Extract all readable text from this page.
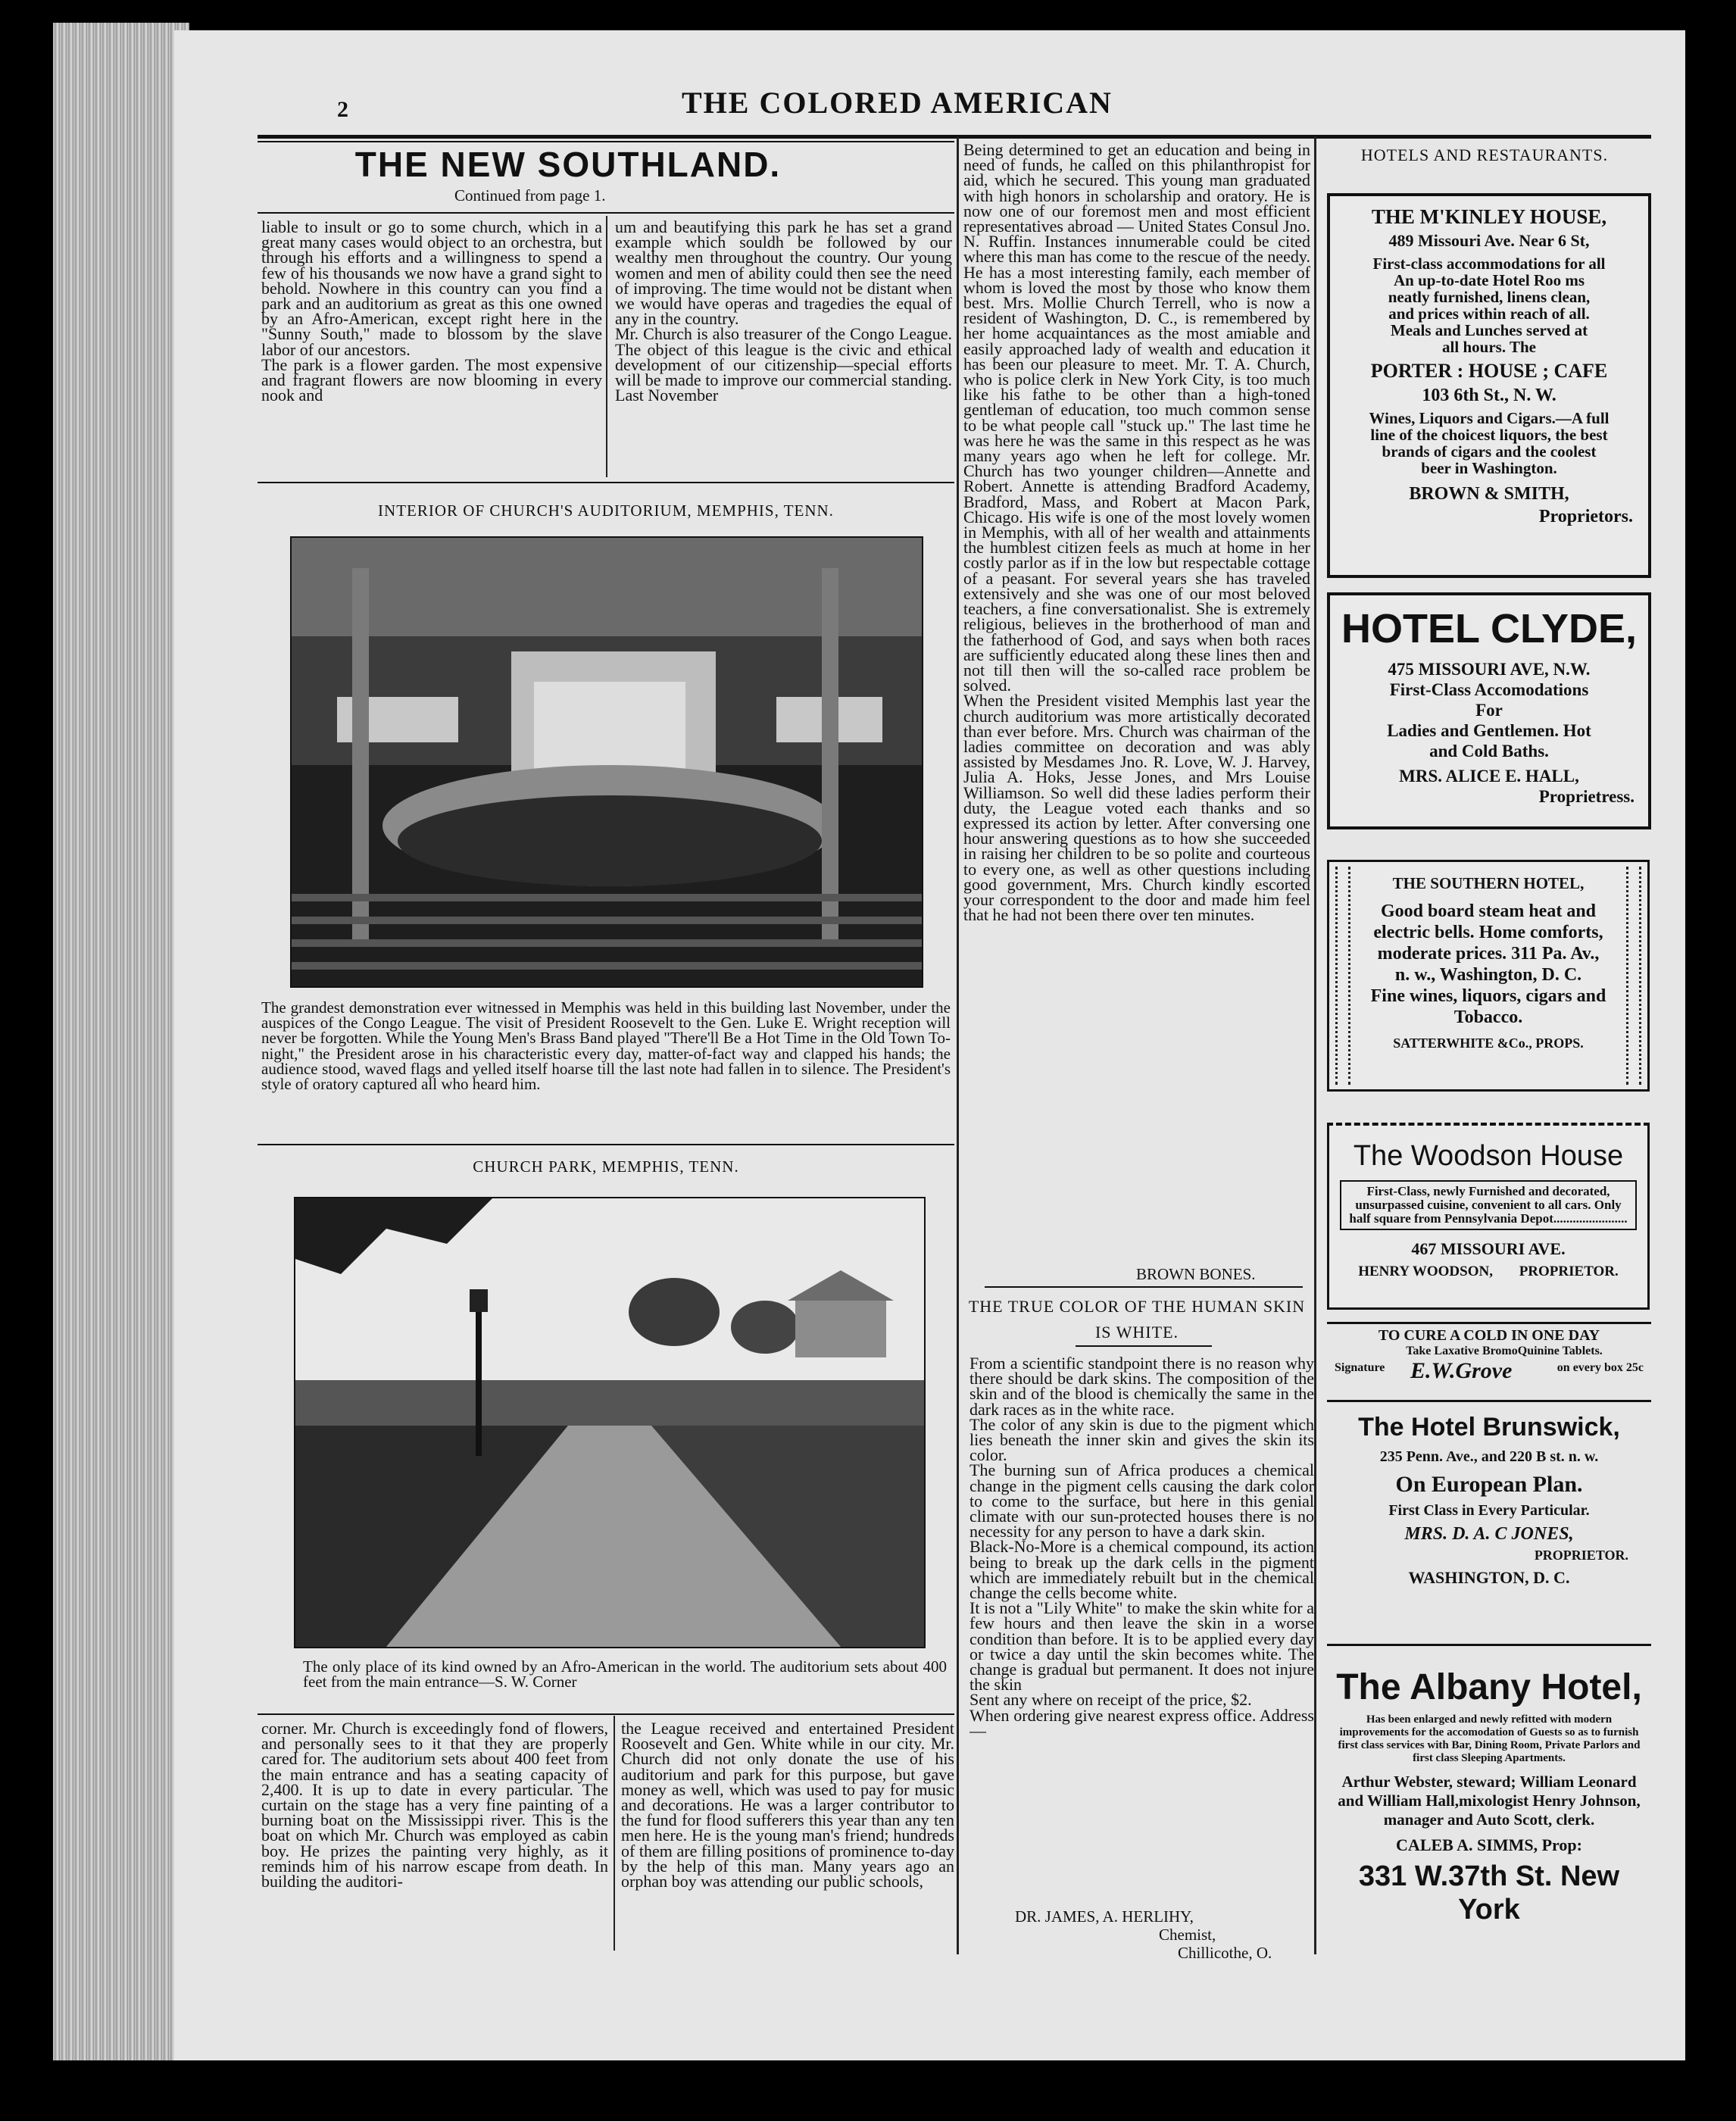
2	THE COLORED AMERICAN
THE NEW SOUTHLAND.
Continued from page 1.
liable to insult or go to some church, which in a great many cases would object to an orchestra, but through his efforts and a willingness to spend a few of his thousands we now have a grand sight to behold. Nowhere in this country can you find a park and an auditorium as great as this one owned by an Afro-American, except right here in the "Sunny South," made to blossom by the slave labor of our ancestors.
The park is a flower garden. The most expensive and fragrant flowers are now blooming in every nook and
um and beautifying this park he has set a grand example which souldh be followed by our wealthy men throughout the country. Our young women and men of ability could then see the need of improving. The time would not be distant when we would have operas and tragedies the equal of any in the country.
Mr. Church is also treasurer of the Congo League. The object of this league is the civic and ethical development of our citizenship—special efforts will be made to improve our commercial standing. Last November
INTERIOR OF CHURCH'S AUDITORIUM, MEMPHIS, TENN.
The grandest demonstration ever witnessed in Memphis was held in this building last November, under the auspices of the Congo League. The visit of President Roosevelt to the Gen. Luke E. Wright reception will never be forgotten. While the Young Men's Brass Band played "There'll Be a Hot Time in the Old Town To-night," the President arose in his characteristic every day, matter-of-fact way and clapped his hands; the audience stood, waved flags and yelled itself hoarse till the last note had fallen in to silence. The President's style of oratory captured all who heard him.
CHURCH PARK, MEMPHIS, TENN.
The only place of its kind owned by an Afro-American in the world. The auditorium sets about 400 feet from the main entrance—S. W. Corner
corner. Mr. Church is exceedingly fond of flowers, and personally sees to it that they are properly cared for. The auditorium sets about 400 feet from the main entrance and has a seating capacity of 2,400. It is up to date in every particular. The curtain on the stage has a very fine painting of a burning boat on the Mississippi river. This is the boat on which Mr. Church was employed as cabin boy. He prizes the painting very highly, as it reminds him of his narrow escape from death. In building the auditori-
the League received and entertained President Roosevelt and Gen. White while in our city. Mr. Church did not only donate the use of his auditorium and park for this purpose, but gave money as well, which was used to pay for music and decorations. He was a larger contributor to the fund for flood sufferers this year than any ten men here. He is the young man's friend; hundreds of them are filling positions of prominence to-day by the help of this man. Many years ago an orphan boy was attending our public schools,
Being determined to get an education and being in need of funds, he called on this philanthropist for aid, which he secured. This young man graduated with high honors in scholarship and oratory. He is now one of our foremost men and most efficient representatives abroad — United States Consul Jno. N. Ruffin. Instances innumerable could be cited where this man has come to the rescue of the needy. He has a most interesting family, each member of whom is loved the most by those who know them best. Mrs. Mollie Church Terrell, who is now a resident of Washington, D. C., is remembered by her home acquaintances as the most amiable and easily approached lady of wealth and education it has been our pleasure to meet. Mr. T. A. Church, who is police clerk in New York City, is too much like his fathe to be other than a high-toned gentleman of education, too much common sense to be what people call "stuck up." The last time he was here he was the same in this respect as he was many years ago when he left for college. Mr. Church has two younger children—Annette and Robert. Annette is attending Bradford Academy, Bradford, Mass, and Robert at Macon Park, Chicago. His wife is one of the most lovely women in Memphis, with all of her wealth and attainments the humblest citizen feels as much at home in her costly parlor as if in the low but respectable cottage of a peasant. For several years she has traveled extensively and she was one of our most beloved teachers, a fine conversationalist. She is extremely religious, believes in the brotherhood of man and the fatherhood of God, and says when both races are sufficiently educated along these lines then and not till then will the so-called race problem be solved.
When the President visited Memphis last year the church auditorium was more artistically decorated than ever before. Mrs. Church was chairman of the ladies committee on decoration and was ably assisted by Mesdames Jno. R. Love, W. J. Harvey, Julia A. Hoks, Jesse Jones, and Mrs Louise Williamson. So well did these ladies perform their duty, the League voted each thanks and so expressed its action by letter. After conversing one hour answering questions as to how she succeeded in raising her children to be so polite and courteous to every one, as well as other questions including good government, Mrs. Church kindly escorted your correspondent to the door and made him feel that he had not been there over ten minutes.
BROWN BONES.
THE TRUE COLOR OF THE HUMAN SKIN IS WHITE.
From a scientific standpoint there is no reason why there should be dark skins. The composition of the skin and of the blood is chemically the same in the dark races as in the white race.
The color of any skin is due to the pigment which lies beneath the inner skin and gives the skin its color.
The burning sun of Africa produces a chemical change in the pigment cells causing the dark color to come to the surface, but here in this genial climate with our sun-protected houses there is no necessity for any person to have a dark skin.
Black-No-More is a chemical compound, its action being to break up the dark cells in the pigment which are immediately rebuilt but in the chemical change the cells become white.
It is not a "Lily White" to make the skin white for a few hours and then leave the skin in a worse condition than before. It is to be applied every day or twice a day until the skin becomes white. The change is gradual but permanent. It does not injure the skin
Sent any where on receipt of the price, $2.
When ordering give nearest express office. Address—
DR. JAMES, A. HERLIHY,
Chemist,
Chillicothe, O.
HOTELS AND RESTAURANTS.
THE M'KINLEY HOUSE,
489 Missouri Ave. Near 6 St,
First-class accommodations for all
An up-to-date Hotel Roo ms
neatly furnished, linens clean,
and prices within reach of all.
Meals and Lunches served at
all hours. The
PORTER : HOUSE ; CAFE
103 6th St., N. W.
Wines, Liquors and Cigars.—A full
line of the choicest liquors, the best
brands of cigars and the coolest
beer in Washington.
BROWN & SMITH,
Proprietors.
HOTEL CLYDE,
475 MISSOURI AVE, N.W.
First-Class Accomodations
For
Ladies and Gentlemen. Hot
and Cold Baths.
MRS. ALICE E. HALL,
Proprietress.
THE SOUTHERN HOTEL,
Good board steam heat and
electric bells. Home comforts,
moderate prices. 311 Pa. Av.,
n. w., Washington, D. C.
Fine wines, liquors, cigars and
Tobacco.
SATTERWHITE &Co., PROPS.
The Woodson House
First-Class, newly Furnished and decorated, unsurpassed cuisine, convenient to all cars. Only half square from Pennsylvania Depot.......................
467 MISSOURI AVE.
HENRY WOODSON, PROPRIETOR.
TO CURE A COLD IN ONE DAY
Take Laxative BromoQuinine Tablets.
Signature E.W.Grove	on every box 25c
The Hotel Brunswick,
235 Penn. Ave., and 220 B st. n. w.
On European Plan.
First Class in Every Particular.
MRS. D. A. C JONES,
PROPRIETOR.
WASHINGTON, D. C.
The Albany Hotel,
Has been enlarged and newly refitted with modern improvements for the accomodation of Guests so as to furnish first class services with Bar, Dining Room, Private Parlors and first class Sleeping Apartments.
Arthur Webster, steward; William Leonard and William Hall,mixologist Henry Johnson, manager and Auto Scott, clerk.
CALEB A. SIMMS, Prop:
331 W.37th St. New York
